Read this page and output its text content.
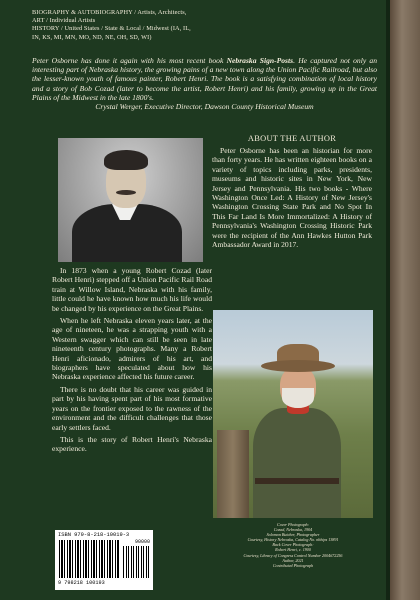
BIOGRAPHY & AUTOBIOGRAPHY / Artists, Architects,
ART / Individual Artists
HISTORY / United States / State & Local / Midwest (IA, IL,
IN, KS, MI, MN, MO, ND, NE, OH, SD, WI)
Peter Osborne has done it again with his most recent book Nebraska Sign-Posts. He captured not only an interesting part of Nebraska history, the growing pains of a new town along the Union Pacific Railroad, but also the lesser-known youth of famous painter, Robert Henri. The book is a satisfying combination of local history and a story of Bob Cozad (later to become the artist, Robert Henri) and his family, growing up in the Great Plains of the Midwest in the late 1800's.
Crystal Werger, Executive Director, Dawson County Historical Museum

In 1873 when a young Robert Cozad (later Robert Henri) stepped off a Union Pacific Rail Road train at Willow Island, Nebraska with his family, little could he have known how much his life would be changed by his experience on the Great Plains.

When he left Nebraska eleven years later, at the age of nineteen, he was a strapping youth with a Western swagger which can still be seen in late nineteenth century photographs. Many a Robert Henri aficionado, admirers of his art, and biographers have speculated about how his Nebraska experience affected his future career.

There is no doubt that his career was guided in part by his having spent part of his most formative years on the frontier exposed to the rawness of the environment and the difficult challenges that those early settlers faced.

This is the story of Robert Henri's Nebraska experience.

ABOUT THE AUTHOR

Peter Osborne has been an historian for more than forty years. He has written eighteen books on a variety of topics including parks, presidents, museums and historic sites in New York, New Jersey and Pennsylvania. His two books - Where Washington Once Led: A History of New Jersey's Washington Crossing State Park and No Spot In This Far Land Is More Immortalized: A History of Pennsylvania's Washington Crossing Historic Park were the recipient of the Ann Hawkes Hutton Park Ambassador Award in 2017.

Cover Photograph:
Cozad, Nebraska, 1904
Solomon Butcher, Photographer
Courtesy, History Nebraska, Catalog No. nbhips 13891
Back Cover Photograph:
Robert Henri, c. 1900
Courtesy, Library of Congress Control Number 2004672256
Author, 2021
Contributed Photograph
ISBN 979-8-218-10019-3
90000
9 798218 100193
